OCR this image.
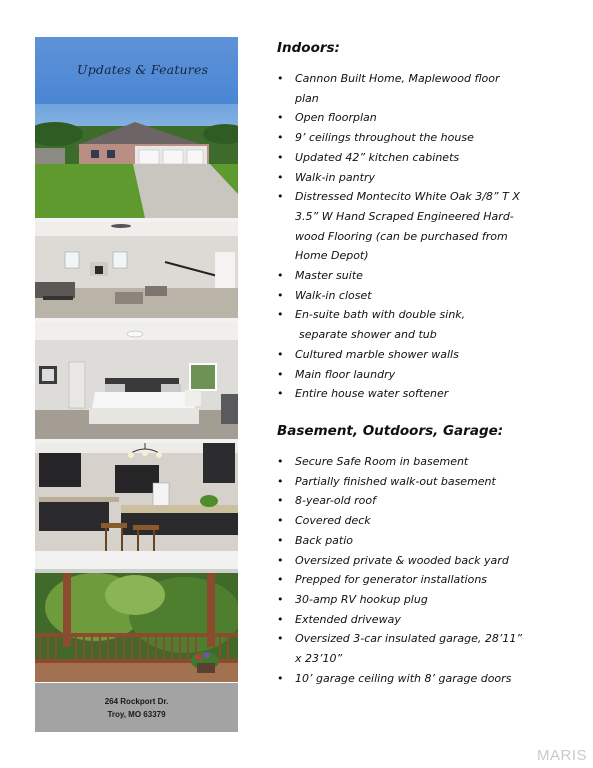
Updates & Features
264 Rockport Dr.
Troy, MO 63379
Indoors:
• Cannon Built Home, Maplewood floor
plan
• Open floorplan
• 9’ ceilings throughout the house
• Updated 42” kitchen cabinets
• Walk-in pantry
• Distressed Montecito White Oak 3/8” T X
3.5” W Hand Scraped Engineered Hard-
wood Flooring (can be purchased from
Home Depot)
• Master suite
• Walk-in closet
• En-suite bath with double sink,
separate shower and tub
• Cultured marble shower walls
• Main floor laundry
• Entire house water softener
Basement, Outdoors, Garage:
• Secure Safe Room in basement
• Partially finished walk-out basement
• 8-year-old roof
• Covered deck
• Back patio
• Oversized private & wooded back yard
• Prepped for generator installations
• 30-amp RV hookup plug
• Extended driveway
• Oversized 3-car insulated garage, 28’11”
x 23’10”
• 10’ garage ceiling with 8’ garage doors
MARIS
